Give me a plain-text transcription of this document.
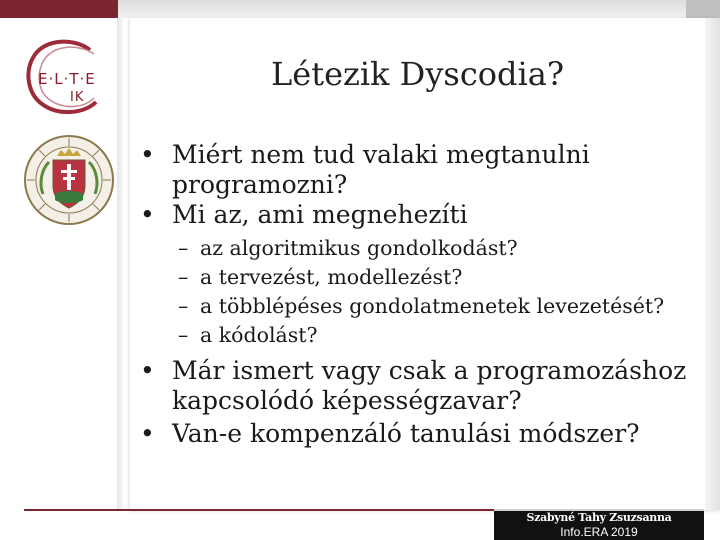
E·L·T·E
IK
Létezik Dyscodia?

• Miért nem tud valaki megtanulni programozni?

• Mi az, ami megnehezíti

– az algoritmikus gondolkodást?

– a tervezést, modellezést?

– a többlépéses gondolatmenetek levezetését?

– a kódolást?

• Már ismert vagy csak a programozáshoz kapcsolódó képességzavar?

• Van-e kompenzáló tanulási módszer?

Szabyné Tahy Zsuzsanna
Info.ERA 2019
